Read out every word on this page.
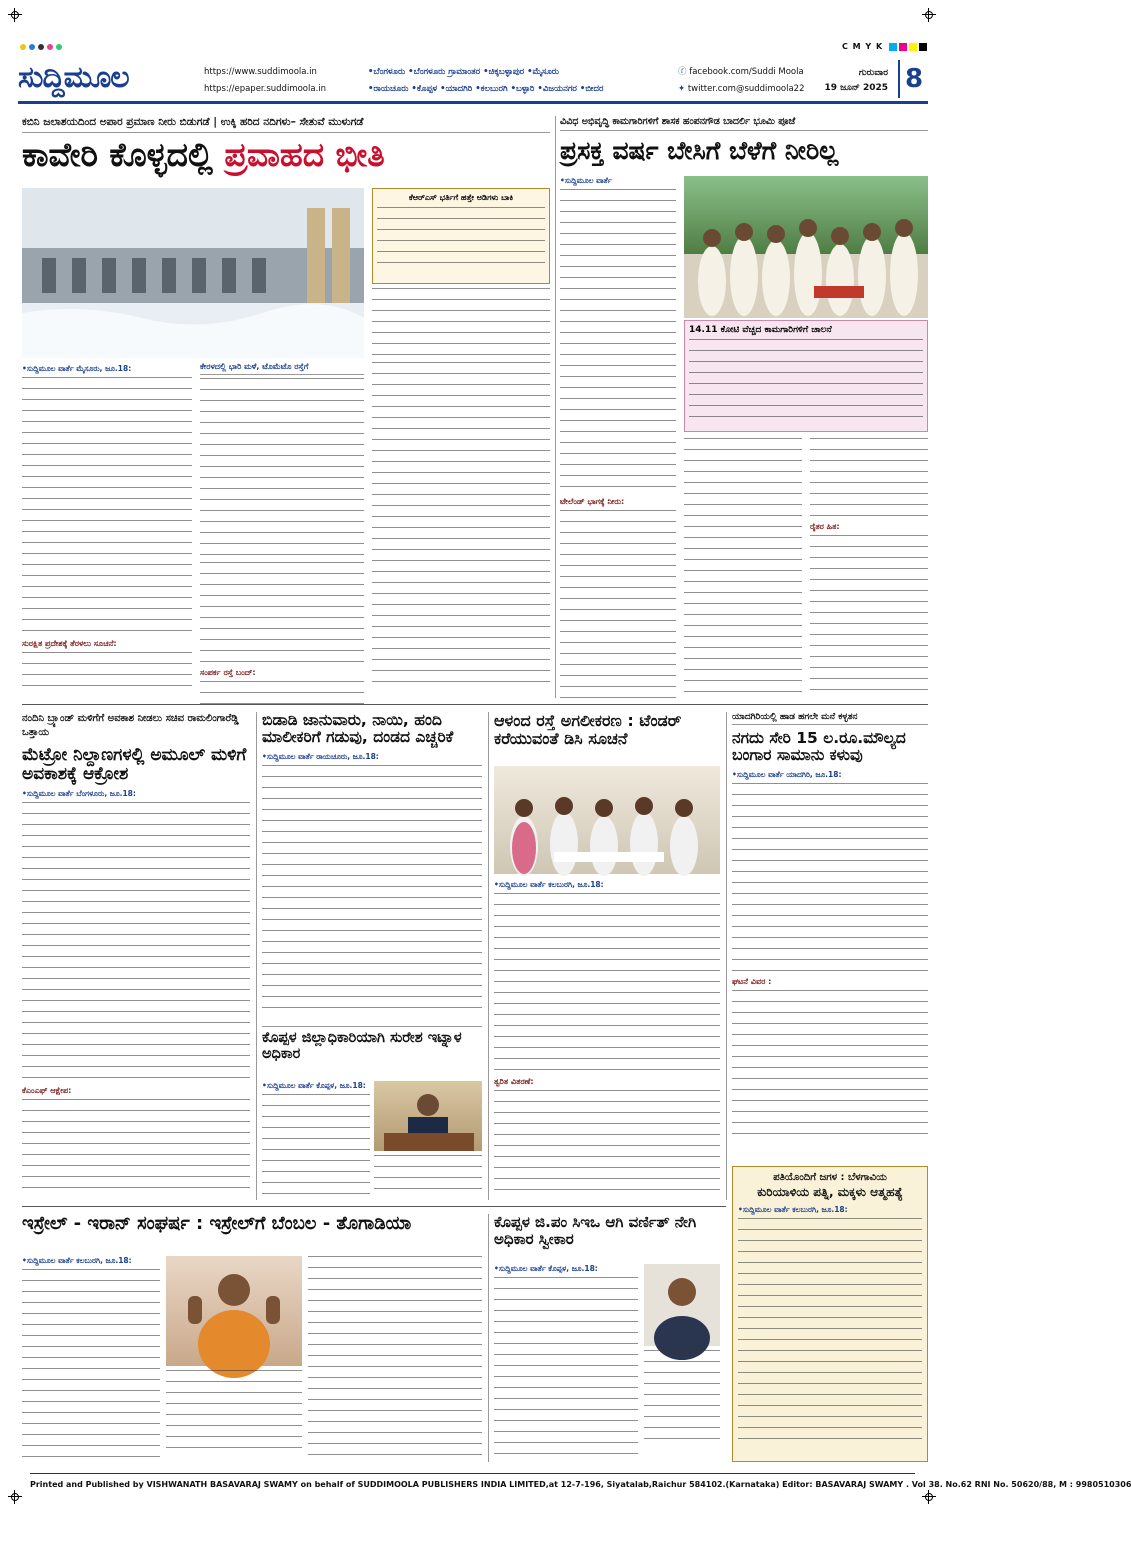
C M Y K
ಸುದ್ದಿಮೂಲ	https://www.suddimoola.in
https://epaper.suddimoola.in
•ಬೆಂಗಳೂರು •ಬೆಂಗಳೂರು ಗ್ರಾಮಾಂತರ •ಚಿಕ್ಕಬಳ್ಳಾಪುರ •ಮೈಸೂರು
•ರಾಯಚೂರು •ಕೊಪ್ಪಳ •ಯಾದಗಿರಿ •ಕಲಬುರಗಿ •ಬಳ್ಳಾರಿ •ವಿಜಯನಗರ •ಬೀದರ
ⓕ facebook.com/Suddi Moola
✦ twitter.com@suddimoola22
ಗುರುವಾರ
19 ಜೂನ್ 2025 8
ಕಬಿನಿ ಜಲಾಶಯದಿಂದ ಅಪಾರ ಪ್ರಮಾಣ ನೀರು ಬಿಡುಗಡೆ | ಉಕ್ಕಿ ಹರಿದ ನದಿಗಳು– ಸೇತುವೆ ಮುಳುಗಡೆ
ಕಾವೇರಿ ಕೊಳ್ಳದಲ್ಲಿ ಪ್ರವಾಹದ ಭೀತಿ
ಕೆಆರ್‌ಎಸ್ ಭರ್ತಿಗೆ ಹತ್ತೇ ಅಡಿಗಳು ಬಾಕಿ
•ಸುದ್ದಿಮೂಲ ವಾರ್ತೆ ಮೈಸೂರು, ಜೂ.18:
ಸುರಕ್ಷಿತ ಪ್ರದೇಶಕ್ಕೆ ತೆರಳಲು ಸೂಚನೆ:
ಕೇರಳದಲ್ಲಿ ಭಾರಿ ಮಳೆ, ಟೊಮೆಟೊ ರಸ್ತೆಗೆ
ಸಂಪರ್ಕ ರಸ್ತೆ ಬಂದ್:
ವಿವಿಧ ಅಭಿವೃದ್ಧಿ ಕಾಮಗಾರಿಗಳಿಗೆ ಶಾಸಕ ಹಂಪನಗೌಡ ಬಾದರ್ಲಿ ಭೂಮಿ ಪೂಜೆ
ಪ್ರಸಕ್ತ ವರ್ಷ ಬೇಸಿಗೆ ಬೆಳೆಗೆ ನೀರಿಲ್ಲ
•ಸುದ್ದಿಮೂಲ ವಾರ್ತೆ
ಟೇಲೆಂಡ್ ಭಾಗಕ್ಕೆ ನೀರು:
14.11 ಕೋಟಿ ವೆಚ್ಚದ ಕಾಮಗಾರಿಗಳಿಗೆ ಚಾಲನೆ
ರೈತರ ಹಿತ:
ನಂದಿನಿ ಬ್ರ್ಯಾಂಡ್ ಮಳಿಗೆಗೆ ಅವಕಾಶ ನೀಡಲು ಸಚಿವ ರಾಮಲಿಂಗಾರೆಡ್ಡಿ ಒತ್ತಾಯ
ಮೆಟ್ರೋ ನಿಲ್ದಾಣಗಳಲ್ಲಿ ಅಮೂಲ್ ಮಳಿಗೆ ಅವಕಾಶಕ್ಕೆ ಆಕ್ರೋಶ
•ಸುದ್ದಿಮೂಲ ವಾರ್ತೆ ಬೆಂಗಳೂರು, ಜೂ.18:
ಕೆಎಂಎಫ್ ಆಕ್ಷೇಪ:
ಬಿಡಾಡಿ ಜಾನುವಾರು, ನಾಯಿ, ಹಂದಿ ಮಾಲೀಕರಿಗೆ ಗಡುವು, ದಂಡದ ಎಚ್ಚರಿಕೆ
•ಸುದ್ದಿಮೂಲ ವಾರ್ತೆ ರಾಯಚೂರು, ಜೂ.18:
ಕೊಪ್ಪಳ ಜಿಲ್ಲಾಧಿಕಾರಿಯಾಗಿ ಸುರೇಶ ಇಟ್ನಾಳ ಅಧಿಕಾರ
•ಸುದ್ದಿಮೂಲ ವಾರ್ತೆ ಕೊಪ್ಪಳ, ಜೂ.18:
ಆಳಂದ ರಸ್ತೆ ಅಗಲೀಕರಣ : ಟೆಂಡರ್ ಕರೆಯುವಂತೆ ಡಿಸಿ ಸೂಚನೆ
•ಸುದ್ದಿಮೂಲ ವಾರ್ತೆ ಕಲಬುರಗಿ, ಜೂ.18:
ತ್ವರಿತ ವಿತರಣೆ:
ಯಾದಗಿರಿಯಲ್ಲಿ ಹಾಡ ಹಗಲೇ ಮನೆ ಕಳ್ಳತನ
ನಗದು ಸೇರಿ 15 ಲ.ರೂ.ಮೌಲ್ಯದ ಬಂಗಾರ ಸಾಮಾನು ಕಳುವು
•ಸುದ್ದಿಮೂಲ ವಾರ್ತೆ ಯಾದಗಿರಿ, ಜೂ.18:
ಘಟನೆ ವಿವರ :
ಪತಿಯೊಂದಿಗೆ ಜಗಳ : ಬೆಳಗಾವಿಯ
ಕುರಿಯಾಳಿಯ ಪತ್ನಿ, ಮಕ್ಕಳು ಆತ್ಮಹತ್ಯೆ
•ಸುದ್ದಿಮೂಲ ವಾರ್ತೆ ಕಲಬುರಗಿ, ಜೂ.18:
ಇಸ್ರೇಲ್ - ಇರಾನ್ ಸಂಘರ್ಷ : ಇಸ್ರೇಲ್‌ಗೆ ಬೆಂಬಲ - ತೊಗಾಡಿಯಾ
•ಸುದ್ದಿಮೂಲ ವಾರ್ತೆ ಕಲಬುರಗಿ, ಜೂ.18:
ಕೊಪ್ಪಳ ಜಿ.ಪಂ ಸಿಇಒ ಆಗಿ ವರ್ಣಿತ್ ನೇಗಿ ಅಧಿಕಾರ ಸ್ವೀಕಾರ
•ಸುದ್ದಿಮೂಲ ವಾರ್ತೆ ಕೊಪ್ಪಳ, ಜೂ.18:
Printed and Published by VISHWANATH BASAVARAJ SWAMY on behalf of SUDDIMOOLA PUBLISHERS INDIA LIMITED,at 12-7-196, Siyatalab,Raichur 584102.(Karnataka) Editor: BASAVARAJ SWAMY . Vol 38. No.62 RNI No. 50620/88, M : 9980510306
